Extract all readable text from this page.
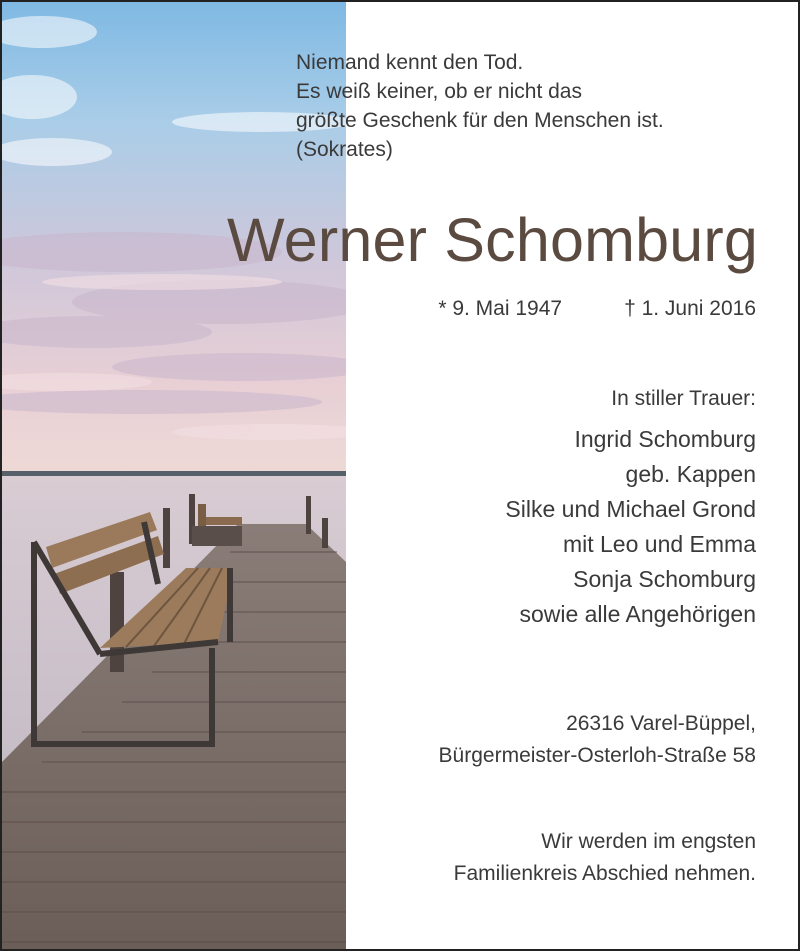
Niemand kennt den Tod.
Es weiß keiner, ob er nicht das
größte Geschenk für den Menschen ist.
(Sokrates)
Werner Schomburg
* 9. Mai 1947	† 1. Juni 2016
In stiller Trauer:
Ingrid Schomburg
geb. Kappen
Silke und Michael Grond
mit Leo und Emma
Sonja Schomburg
sowie alle Angehörigen
26316 Varel-Büppel,
Bürgermeister-Osterloh-Straße 58
Wir werden im engsten
Familienkreis Abschied nehmen.
